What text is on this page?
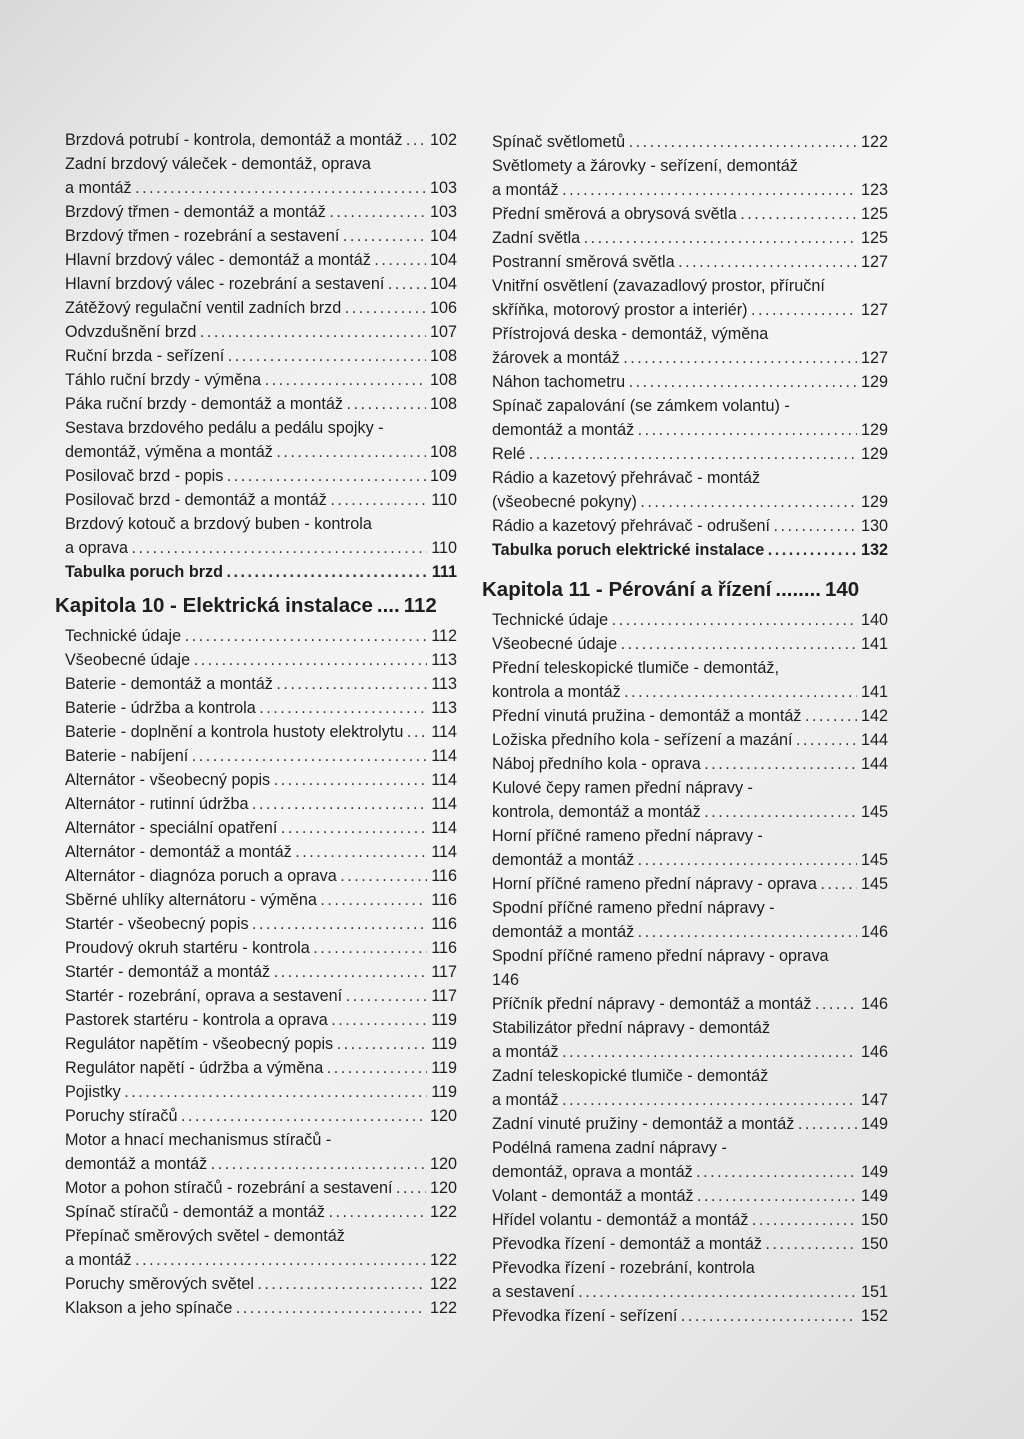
Brzdová potrubí - kontrola, demontáž a montáž . . .	102
Zadní brzdový váleček - demontáž, oprava
a montáž . . .	103
Brzdový třmen - demontáž a montáž . . .	103
Brzdový třmen - rozebrání a sestavení . . .	104
Hlavní brzdový válec - demontáž a montáž . . .	104
Hlavní brzdový válec - rozebrání a sestavení . . .	104
Zátěžový regulační ventil zadních brzd . . .	106
Odvzdušnění brzd . . .	107
Ruční brzda - seřízení . . .	108
Táhlo ruční brzdy - výměna . . .	108
Páka ruční brzdy - demontáž a montáž . . .	108
Sestava brzdového pedálu a pedálu spojky -
demontáž, výměna a montáž . . .	108
Posilovač brzd - popis . . .	109
Posilovač brzd - demontáž a montáž . . .	110
Brzdový kotouč a brzdový buben - kontrola
a oprava . . .	110
Tabulka poruch brzd . . .	111
Kapitola 10 - Elektrická instalace .... 112
Technické údaje . . .	112
Všeobecné údaje . . .	113
Baterie - demontáž a montáž . . .	113
Baterie - údržba a kontrola . . .	113
Baterie - doplnění a kontrola hustoty elektrolytu . . .	114
Baterie - nabíjení . . .	114
Alternátor - všeobecný popis . . .	114
Alternátor - rutinní údržba . . .	114
Alternátor - speciální opatření . . .	114
Alternátor - demontáž a montáž . . .	114
Alternátor - diagnóza poruch a oprava . . .	116
Sběrné uhlíky alternátoru - výměna . . .	116
Startér - všeobecný popis . . .	116
Proudový okruh startéru - kontrola . . .	116
Startér - demontáž a montáž . . .	117
Startér - rozebrání, oprava a sestavení . . .	117
Pastorek startéru - kontrola a oprava . . .	119
Regulátor napětím - všeobecný popis . . .	119
Regulátor napětí - údržba a výměna . . .	119
Pojistky . . .	119
Poruchy stíračů . . .	120
Motor a hnací mechanismus stíračů -
demontáž a montáž . . .	120
Motor a pohon stíračů - rozebrání a sestavení . . .	120
Spínač stíračů - demontáž a montáž . . .	122
Přepínač směrových světel - demontáž
a montáž . . .	122
Poruchy směrových světel . . .	122
Klakson a jeho spínače . . .	122
Spínač světlometů . . .	122
Světlomety a žárovky - seřízení, demontáž
a montáž . . .	123
Přední směrová a obrysová světla . . .	125
Zadní světla . . .	125
Postranní směrová světla . . .	127
Vnitřní osvětlení (zavazadlový prostor, příruční
skříňka, motorový prostor a interiér) . . .	127
Přístrojová deska - demontáž, výměna
žárovek a montáž . . .	127
Náhon tachometru . . .	129
Spínač zapalování (se zámkem volantu) -
demontáž a montáž . . .	129
Relé . . .	129
Rádio a kazetový přehrávač - montáž
(všeobecné pokyny) . . .	129
Rádio a kazetový přehrávač - odrušení . . .	130
Tabulka poruch elektrické instalace . . .	132
Kapitola 11 - Pérování a řízení ........ 140
Technické údaje . . .	140
Všeobecné údaje . . .	141
Přední teleskopické tlumiče - demontáž,
kontrola a montáž . . .	141
Přední vinutá pružina - demontáž a montáž . . .	142
Ložiska předního kola - seřízení a mazání . . .	144
Náboj předního kola - oprava . . .	144
Kulové čepy ramen přední nápravy -
kontrola, demontáž a montáž . . .	145
Horní příčné rameno přední nápravy -
demontáž a montáž . . .	145
Horní příčné rameno přední nápravy - oprava . . .	145
Spodní příčné rameno přední nápravy -
demontáž a montáž . . .	146
Spodní příčné rameno přední nápravy - oprava
146
Příčník přední nápravy - demontáž a montáž . . .	146
Stabilizátor přední nápravy - demontáž
a montáž . . .	146
Zadní teleskopické tlumiče - demontáž
a montáž . . .	147
Zadní vinuté pružiny - demontáž a montáž . . .	149
Podélná ramena zadní nápravy -
demontáž, oprava a montáž . . .	149
Volant - demontáž a montáž . . .	149
Hřídel volantu - demontáž a montáž . . .	150
Převodka řízení - demontáž a montáž . . .	150
Převodka řízení - rozebrání, kontrola
a sestavení . . .	151
Převodka řízení - seřízení . . .	152
